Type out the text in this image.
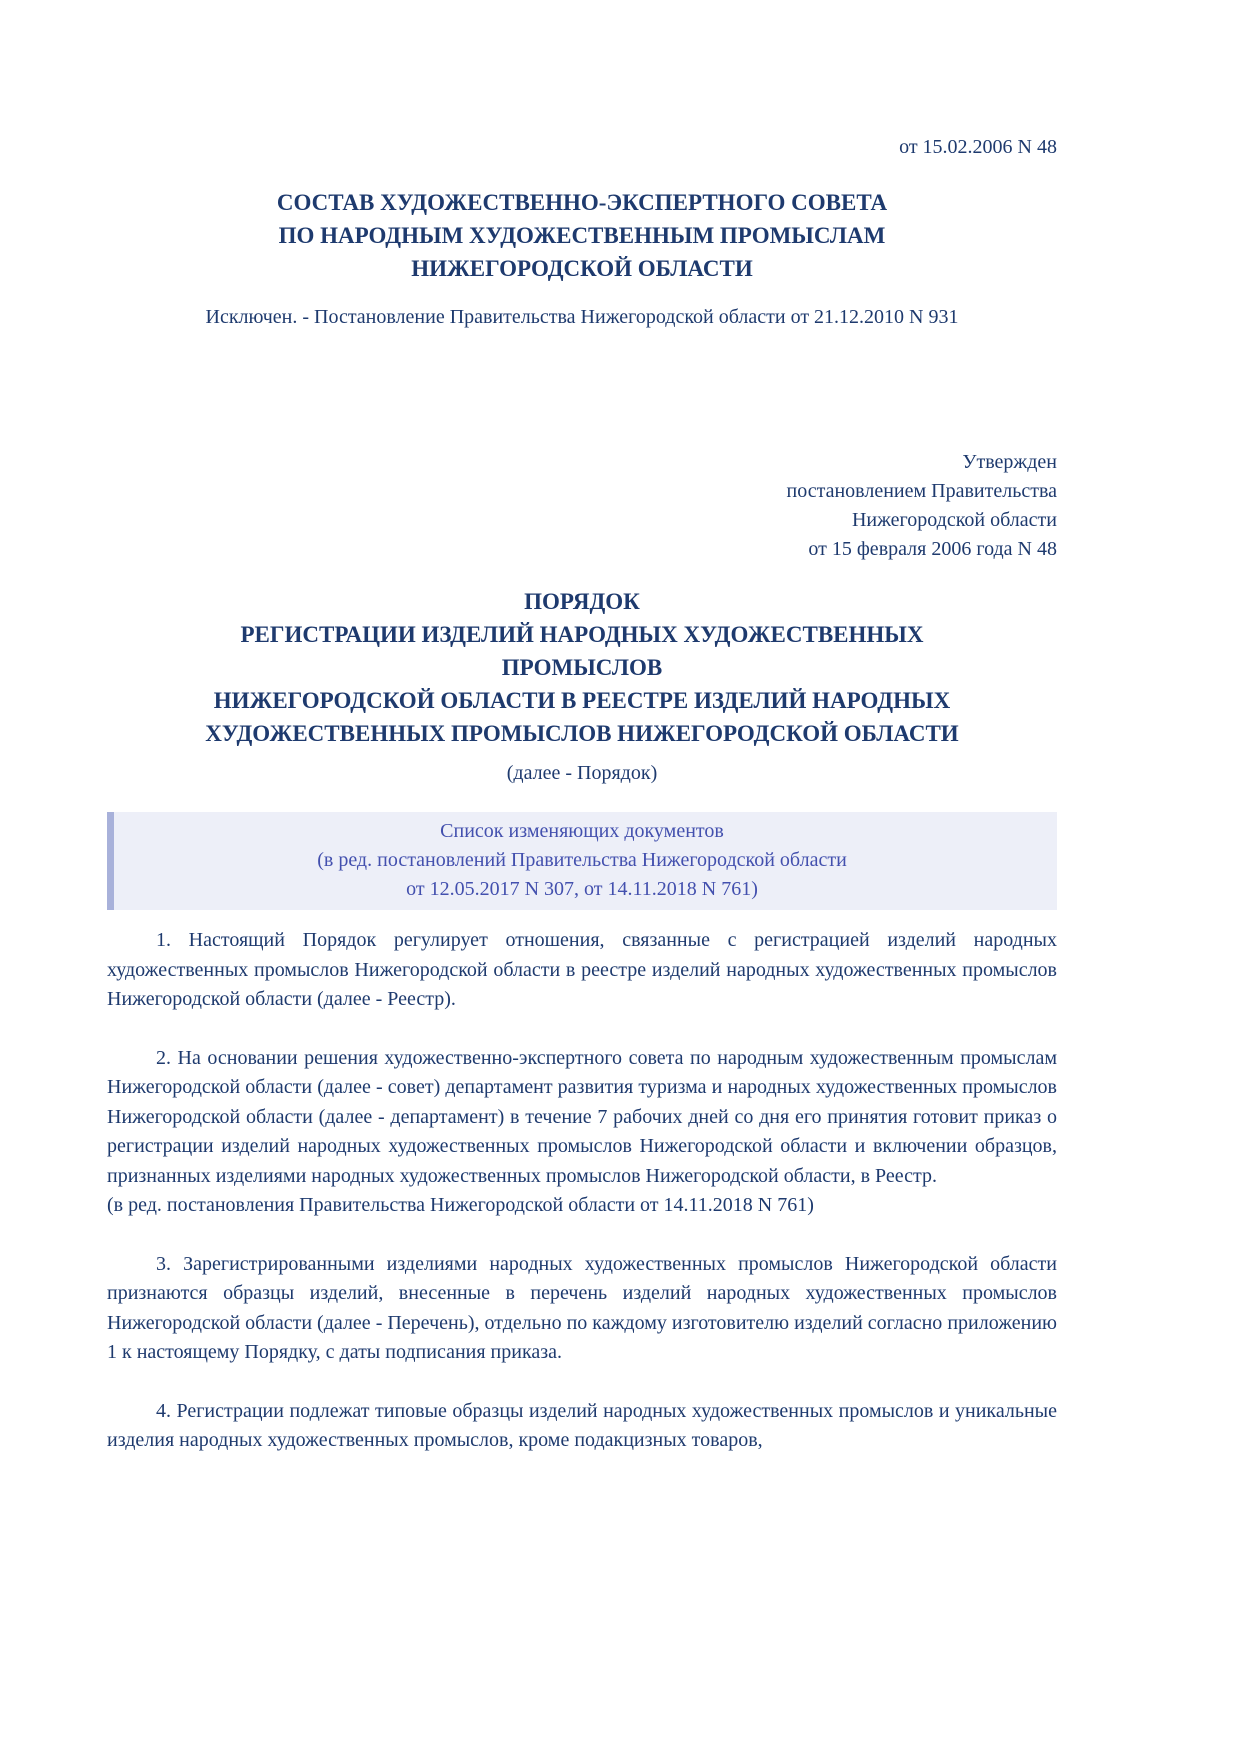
от 15.02.2006 N 48
СОСТАВ ХУДОЖЕСТВЕННО-ЭКСПЕРТНОГО СОВЕТА
ПО НАРОДНЫМ ХУДОЖЕСТВЕННЫМ ПРОМЫСЛАМ
НИЖЕГОРОДСКОЙ ОБЛАСТИ
Исключен. - Постановление Правительства Нижегородской области от 21.12.2010 N 931
Утвержден
постановлением Правительства
Нижегородской области
от 15 февраля 2006 года N 48
ПОРЯДОК
РЕГИСТРАЦИИ ИЗДЕЛИЙ НАРОДНЫХ ХУДОЖЕСТВЕННЫХ
ПРОМЫСЛОВ
НИЖЕГОРОДСКОЙ ОБЛАСТИ В РЕЕСТРЕ ИЗДЕЛИЙ НАРОДНЫХ
ХУДОЖЕСТВЕННЫХ ПРОМЫСЛОВ НИЖЕГОРОДСКОЙ ОБЛАСТИ
(далее - Порядок)
Список изменяющих документов
(в ред. постановлений Правительства Нижегородской области
от 12.05.2017 N 307, от 14.11.2018 N 761)
1. Настоящий Порядок регулирует отношения, связанные с регистрацией изделий народных художественных промыслов Нижегородской области в реестре изделий народных художественных промыслов Нижегородской области (далее - Реестр).
2. На основании решения художественно-экспертного совета по народным художественным промыслам Нижегородской области (далее - совет) департамент развития туризма и народных художественных промыслов Нижегородской области (далее - департамент) в течение 7 рабочих дней со дня его принятия готовит приказ о регистрации изделий народных художественных промыслов Нижегородской области и включении образцов, признанных изделиями народных художественных промыслов Нижегородской области, в Реестр.
(в ред. постановления Правительства Нижегородской области от 14.11.2018 N 761)
3. Зарегистрированными изделиями народных художественных промыслов Нижегородской области признаются образцы изделий, внесенные в перечень изделий народных художественных промыслов Нижегородской области (далее - Перечень), отдельно по каждому изготовителю изделий согласно приложению 1 к настоящему Порядку, с даты подписания приказа.
4. Регистрации подлежат типовые образцы изделий народных художественных промыслов и уникальные изделия народных художественных промыслов, кроме подакцизных товаров,
